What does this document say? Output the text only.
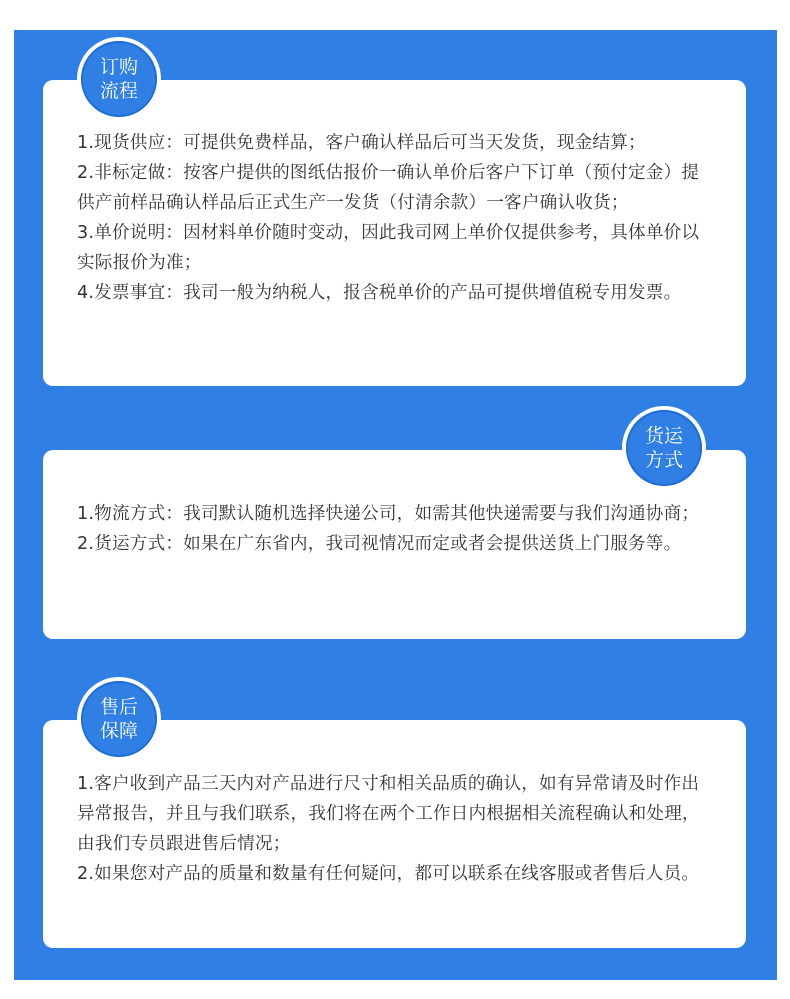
1.现货供应：可提供免费样品，客户确认样品后可当天发货，现金结算；

2.非标定做：按客户提供的图纸估报价一确认单价后客户下订单（预付定金）提供产前样品确认样品后正式生产一发货（付清余款）一客户确认收货；

3.单价说明：因材料单价随时变动，因此我司网上单价仅提供参考，具体单价以实际报价为准；

4.发票事宜：我司一般为纳税人，报含税单价的产品可提供增值税专用发票。

订购
流程

1.物流方式：我司默认随机选择快递公司，如需其他快递需要与我们沟通协商；

2.货运方式：如果在广东省内，我司视情况而定或者会提供送货上门服务等。

货运
方式

1.客户收到产品三天内对产品进行尺寸和相关品质的确认，如有异常请及时作出异常报告，并且与我们联系，我们将在两个工作日内根据相关流程确认和处理，由我们专员跟进售后情况；

2.如果您对产品的质量和数量有任何疑问，都可以联系在线客服或者售后人员。

售后
保障
